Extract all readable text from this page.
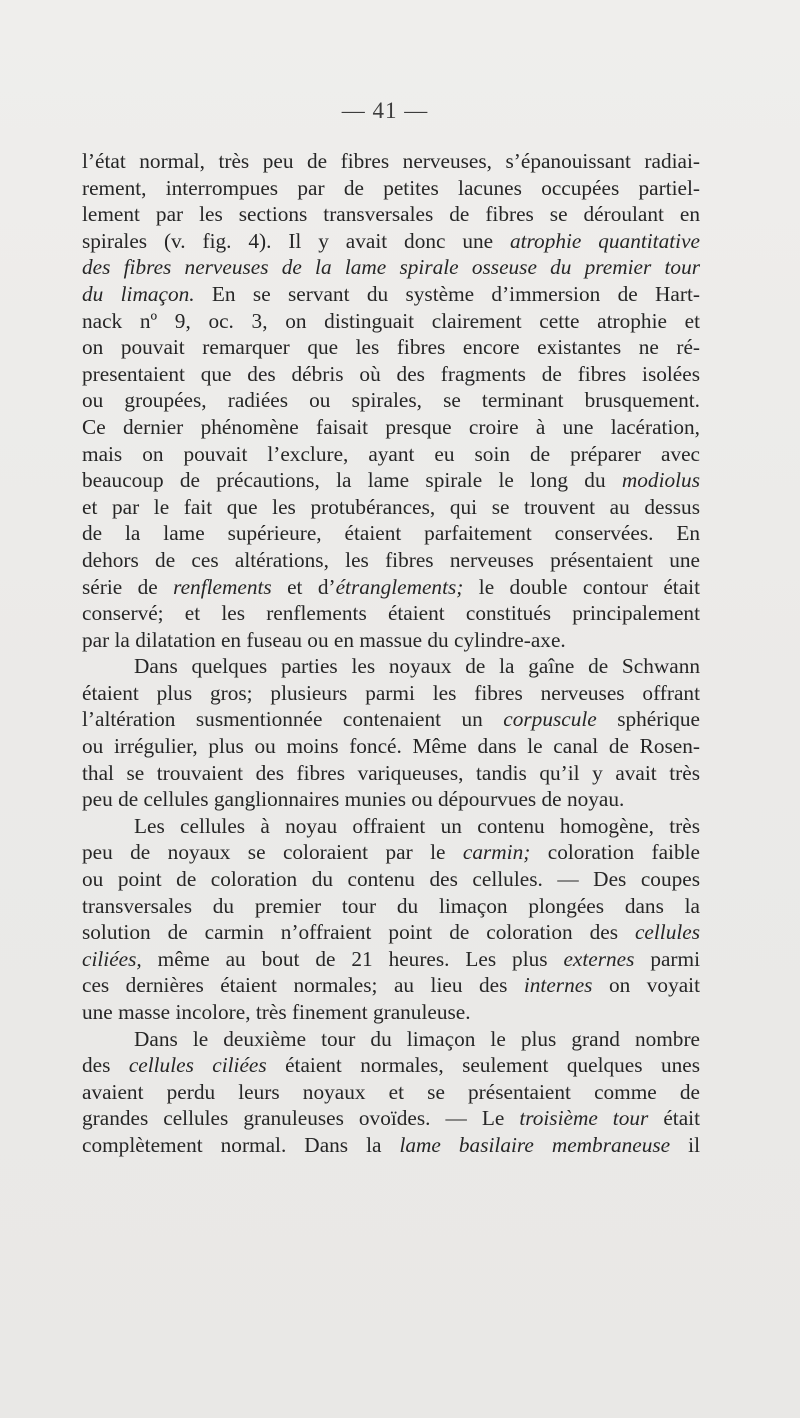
— 41 —
l’état normal, très peu de fibres nerveuses, s’épanouissant radiai-
rement, interrompues par de petites lacunes occupées partiel-
lement par les sections transversales de fibres se déroulant en
spirales (v. fig. 4). Il y avait donc une atrophie quantitative
des fibres nerveuses de la lame spirale osseuse du premier tour
du limaçon. En se servant du système d’immersion de Hart-
nack nº 9, oc. 3, on distinguait clairement cette atrophie et
on pouvait remarquer que les fibres encore existantes ne ré-
presentaient que des débris où des fragments de fibres isolées
ou groupées, radiées ou spirales, se terminant brusquement.
Ce dernier phénomène faisait presque croire à une lacération,
mais on pouvait l’exclure, ayant eu soin de préparer avec
beaucoup de précautions, la lame spirale le long du modiolus
et par le fait que les protubérances, qui se trouvent au dessus
de la lame supérieure, étaient parfaitement conservées. En
dehors de ces altérations, les fibres nerveuses présentaient une
série de renflements et d’étranglements; le double contour était
conservé; et les renflements étaient constitués principalement
par la dilatation en fuseau ou en massue du cylindre-axe.
Dans quelques parties les noyaux de la gaîne de Schwann
étaient plus gros; plusieurs parmi les fibres nerveuses offrant
l’altération susmentionnée contenaient un corpuscule sphérique
ou irrégulier, plus ou moins foncé. Même dans le canal de Rosen-
thal se trouvaient des fibres variqueuses, tandis qu’il y avait très
peu de cellules ganglionnaires munies ou dépourvues de noyau.
Les cellules à noyau offraient un contenu homogène, très
peu de noyaux se coloraient par le carmin; coloration faible
ou point de coloration du contenu des cellules. — Des coupes
transversales du premier tour du limaçon plongées dans la
solution de carmin n’offraient point de coloration des cellules
ciliées, même au bout de 21 heures. Les plus externes parmi
ces dernières étaient normales; au lieu des internes on voyait
une masse incolore, très finement granuleuse.
Dans le deuxième tour du limaçon le plus grand nombre
des cellules ciliées étaient normales, seulement quelques unes
avaient perdu leurs noyaux et se présentaient comme de
grandes cellules granuleuses ovoïdes. — Le troisième tour était
complètement normal. Dans la lame basilaire membraneuse il
